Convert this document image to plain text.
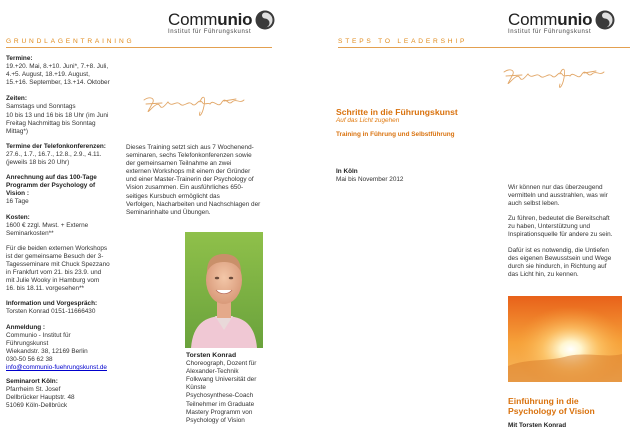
Communio
Institut für Führungskunst
GRUNDLAGENTRAINING
Termine:
19.+20. Mai, 8.+10. Juni*, 7.+8. Juli,
4.+5. August, 18.+19. August,
15.+16. September, 13.+14. Oktober
Zeiten:
Samstags und Sonntags
10 bis 13 und 16 bis 18 Uhr (im Juni
Freitag Nachmittag bis Sonntag
Mittag*)
Termine der Telefonkonferenzen:
27.6., 1.7., 16.7., 12.8., 2.9., 4.11.
(jeweils 18 bis 20 Uhr)
Anrechnung auf das 100-Tage
Programm der Psychology of
Vision :
16 Tage
Kosten:
1600 € zzgl. Mwst. + Externe
Seminarkosten**
Für die beiden externen Workshops
ist der gemeinsame Besuch der 3-
Tagesseminare mit Chuck Spezzano
in Frankfurt vom 21. bis 23.9. und
mit Julie Wooky in Hamburg vom
16. bis 18.11. vorgesehen**
Information und Vorgespräch:
Torsten Konrad 0151-11666430
Anmeldung :
Communio - Institut für
Führungskunst
Wiekandstr. 38, 12169 Berlin
030-50 56 62 38
info@communio-fuehrungskunst.de
Seminarort Köln:
Pfarrheim St. Josef
Dellbrücker Hauptstr. 48
51069 Köln-Dellbrück
Dieses Training setzt sich aus 7 Wochenend-
seminaren, sechs Telefonkonferenzen sowie
der gemeinsamen Teilnahme an zwei
externen Workshops mit einem der Gründer
und einer Master-Trainerin der Psychology of
Vision zusammen. Ein ausführliches 650-
seitiges Kursbuch ermöglicht das
Verfolgen, Nacharbeiten und Nachschlagen der
Seminarinhalte und Übungen.
Torsten Konrad
Choreograph, Dozent für
Alexander-Technik
Folkwang Universität der
Künste
Psychosynthese-Coach
Teilnehmer im Graduate
Mastery Programm von
Psychology of Vision
Communio
Institut für Führungskunst
STEPS TO LEADERSHIP
Schritte in die Führungskunst
Auf das Licht zugehen
Training in Führung und Selbstführung
In Köln
Mai bis November 2012
Wir können nur das überzeugend
vermitteln und ausstrahlen, was wir
auch selbst leben.
Zu führen, bedeutet die Bereitschaft
zu haben, Unterstützung und
Inspirationsquelle für andere zu sein.
Dafür ist es notwendig, die Untiefen
des eigenen Bewusstsein und Wege
durch sie hindurch, in Richtung auf
das Licht hin, zu kennen.
Einführung in die
Psychology of Vision
Mit Torsten Konrad
